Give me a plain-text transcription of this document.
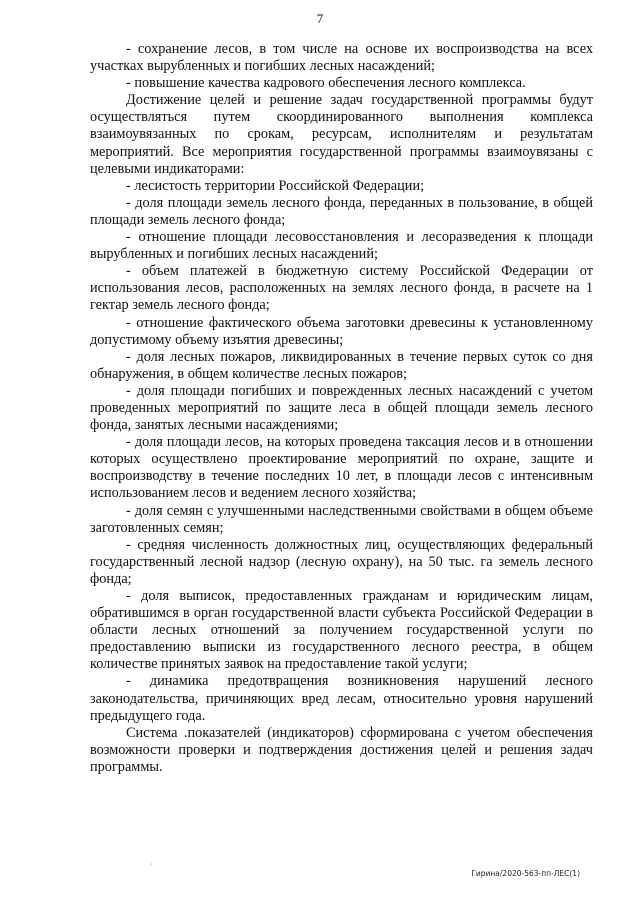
7

- сохранение лесов, в том числе на основе их воспроизводства на всех участках вырубленных и погибших лесных насаждений;

- повышение качества кадрового обеспечения лесного комплекса.

Достижение целей и решение задач государственной программы будут осуществляться путем скоординированного выполнения комплекса взаимоувязанных по срокам, ресурсам, исполнителям и результатам мероприятий. Все мероприятия государственной программы взаимоувязаны с целевыми индикаторами:

- лесистость территории Российской Федерации;

- доля площади земель лесного фонда, переданных в пользование, в общей площади земель лесного фонда;

- отношение площади лесовосстановления и лесоразведения к площади вырубленных и погибших лесных насаждений;

- объем платежей в бюджетную систему Российской Федерации от использования лесов, расположенных на землях лесного фонда, в расчете на 1 гектар земель лесного фонда;

- отношение фактического объема заготовки древесины к установленному допустимому объему изъятия древесины;

- доля лесных пожаров, ликвидированных в течение первых суток со дня обнаружения, в общем количестве лесных пожаров;

- доля площади погибших и поврежденных лесных насаждений с учетом проведенных мероприятий по защите леса в общей площади земель лесного фонда, занятых лесными насаждениями;

- доля площади лесов, на которых проведена таксация лесов и в отношении которых осуществлено проектирование мероприятий по охране, защите и воспроизводству в течение последних 10 лет, в площади лесов с интенсивным использованием лесов и ведением лесного хозяйства;

- доля семян с улучшенными наследственными свойствами в общем объеме заготовленных семян;

- средняя численность должностных лиц, осуществляющих федеральный государственный лесной надзор (лесную охрану), на 50 тыс. га земель лесного фонда;

- доля выписок, предоставленных гражданам и юридическим лицам, обратившимся в орган государственной власти субъекта Российской Федерации в области лесных отношений за получением государственной услуги по предоставлению выписки из государственного лесного реестра, в общем количестве принятых заявок на предоставление такой услуги;

- динамика предотвращения возникновения нарушений лесного законодательства, причиняющих вред лесам, относительно уровня нарушений предыдущего года.

Система .показателей (индикаторов) сформирована с учетом обеспечения возможности проверки и подтверждения достижения целей и решения задач программы.

·
Гирина/2020-563-пп-ЛЕС(1)
